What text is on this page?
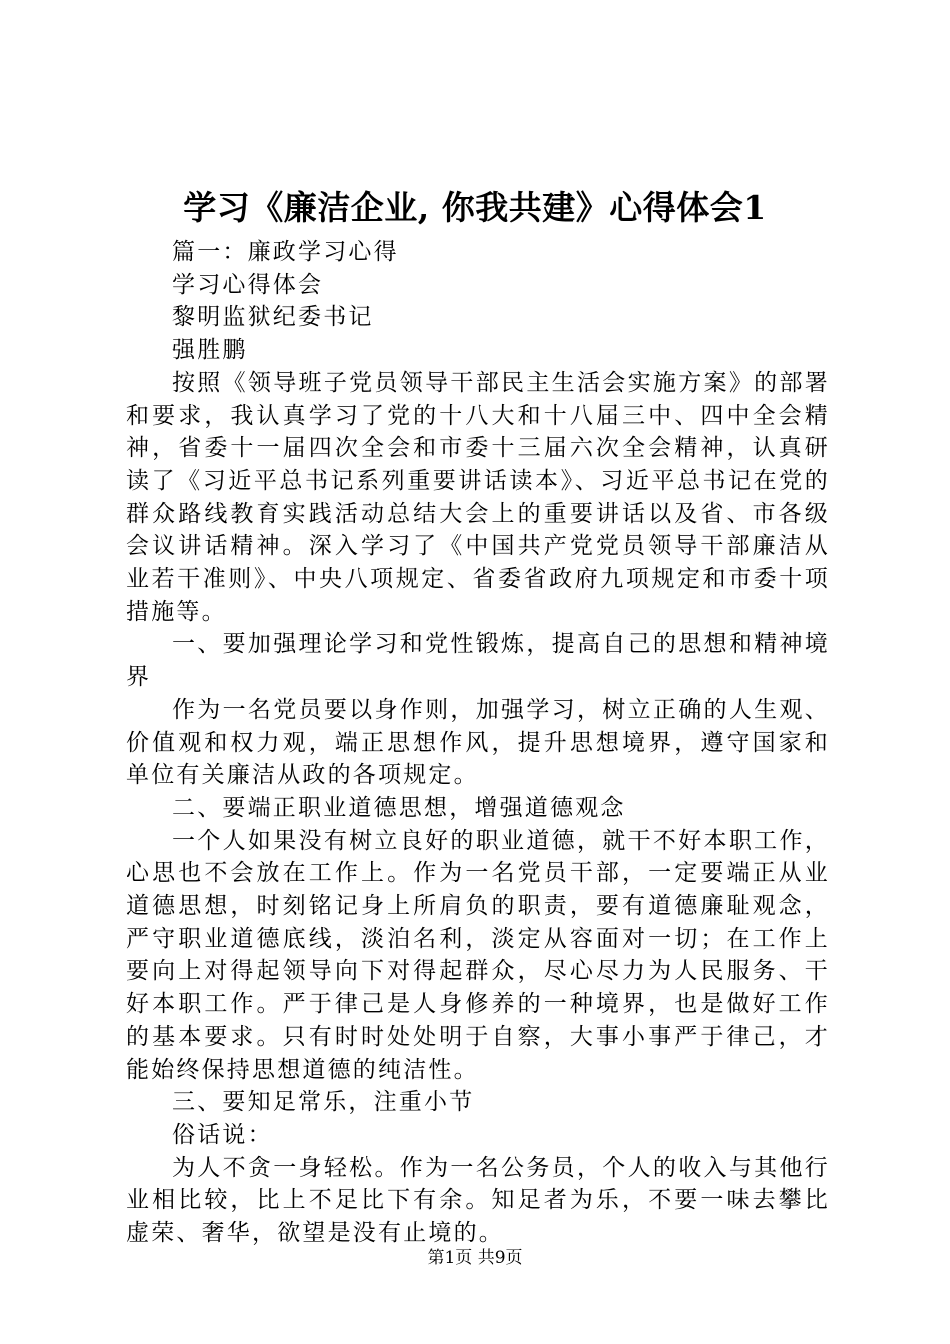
学习《廉洁企业, 你我共建》心得体会1

篇一：廉政学习心得

学习心得体会

黎明监狱纪委书记

强胜鹏

按照《领导班子党员领导干部民主生活会实施方案》的部署和要求，我认真学习了党的十八大和十八届三中、四中全会精神，省委十一届四次全会和市委十三届六次全会精神，认真研读了《习近平总书记系列重要讲话读本》、习近平总书记在党的群众路线教育实践活动总结大会上的重要讲话以及省、市各级会议讲话精神。深入学习了《中国共产党党员领导干部廉洁从业若干准则》、中央八项规定、省委省政府九项规定和市委十项措施等。

一、要加强理论学习和党性锻炼，提高自己的思想和精神境界

作为一名党员要以身作则，加强学习，树立正确的人生观、价值观和权力观，端正思想作风，提升思想境界，遵守国家和单位有关廉洁从政的各项规定。

二、要端正职业道德思想，增强道德观念

一个人如果没有树立良好的职业道德，就干不好本职工作，心思也不会放在工作上。作为一名党员干部，一定要端正从业道德思想，时刻铭记身上所肩负的职责，要有道德廉耻观念，严守职业道德底线，淡泊名利，淡定从容面对一切；在工作上要向上对得起领导向下对得起群众，尽心尽力为人民服务、干好本职工作。严于律己是人身修养的一种境界，也是做好工作的基本要求。只有时时处处明于自察，大事小事严于律己，才能始终保持思想道德的纯洁性。

三、要知足常乐，注重小节

俗话说：

为人不贪一身轻松。作为一名公务员，个人的收入与其他行业相比较，比上不足比下有余。知足者为乐，不要一味去攀比虚荣、奢华，欲望是没有止境的。

第1页 共9页
